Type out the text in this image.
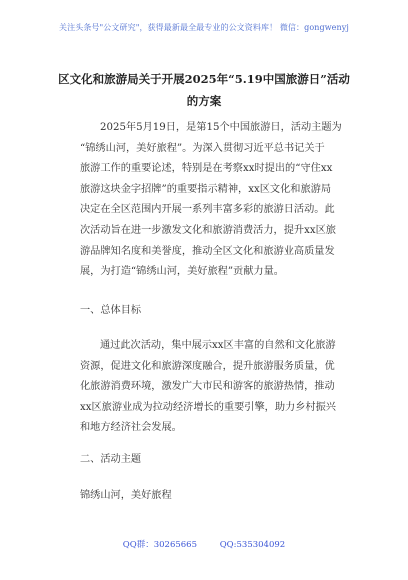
关注头条号"公文研究"，获得最新最全最专业的公文资料库！ 微信：gongwenyj
区文化和旅游局关于开展2025年“5.19中国旅游日”活动
的方案
2025年5月19日，是第15个中国旅游日，活动主题为
“锦绣山河，美好旅程”。为深入贯彻习近平总书记关于
旅游工作的重要论述，特别是在考察xx时提出的“守住xx
旅游这块金字招牌”的重要指示精神，xx区文化和旅游局
决定在全区范围内开展一系列丰富多彩的旅游日活动。此
次活动旨在进一步激发文化和旅游消费活力，提升xx区旅
游品牌知名度和美誉度，推动全区文化和旅游业高质量发
展，为打造“锦绣山河，美好旅程”贡献力量。
一、总体目标
通过此次活动，集中展示xx区丰富的自然和文化旅游
资源，促进文化和旅游深度融合，提升旅游服务质量，优
化旅游消费环境，激发广大市民和游客的旅游热情，推动
xx区旅游业成为拉动经济增长的重要引擎，助力乡村振兴
和地方经济社会发展。
二、活动主题
锦绣山河，美好旅程
QQ群：30265665	QQ:535304092
